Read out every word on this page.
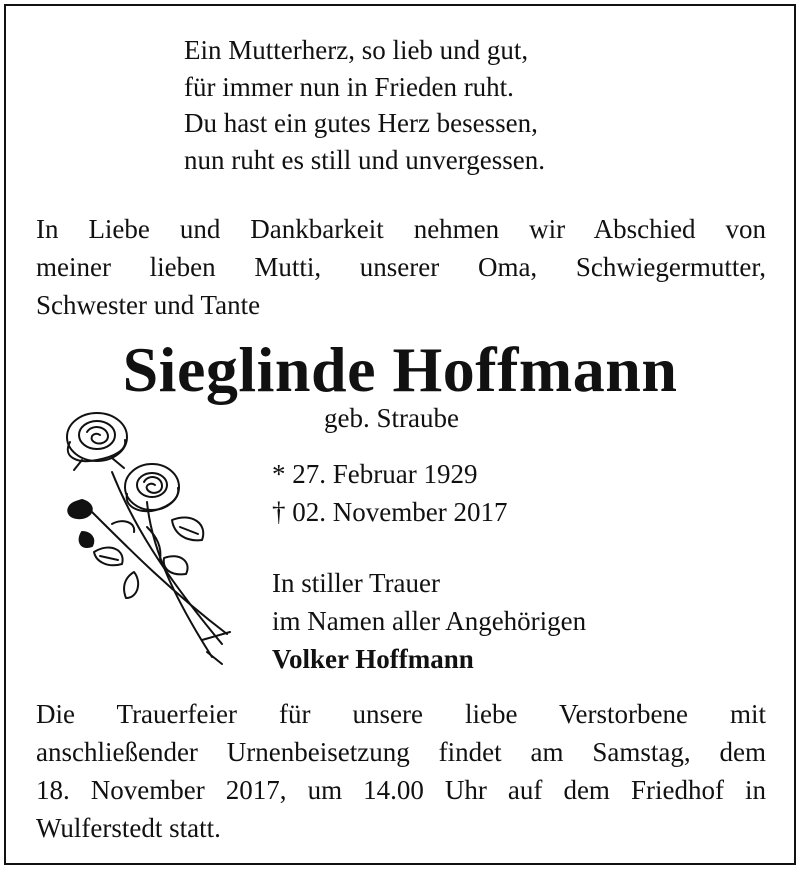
Ein Mutterherz, so lieb und gut,
für immer nun in Frieden ruht.
Du hast ein gutes Herz besessen,
nun ruht es still und unvergessen.
In Liebe und Dankbarkeit nehmen wir Abschied von
meiner lieben Mutti, unserer Oma, Schwiegermutter,
Schwester und Tante
Sieglinde Hoffmann
geb. Straube
* 27. Februar 1929
† 02. November 2017
In stiller Trauer
im Namen aller Angehörigen
Volker Hoffmann
Die Trauerfeier für unsere liebe Verstorbene mit
anschließender Urnenbeisetzung findet am Samstag, dem
18. November 2017, um 14.00 Uhr auf dem Friedhof in
Wulferstedt statt.
